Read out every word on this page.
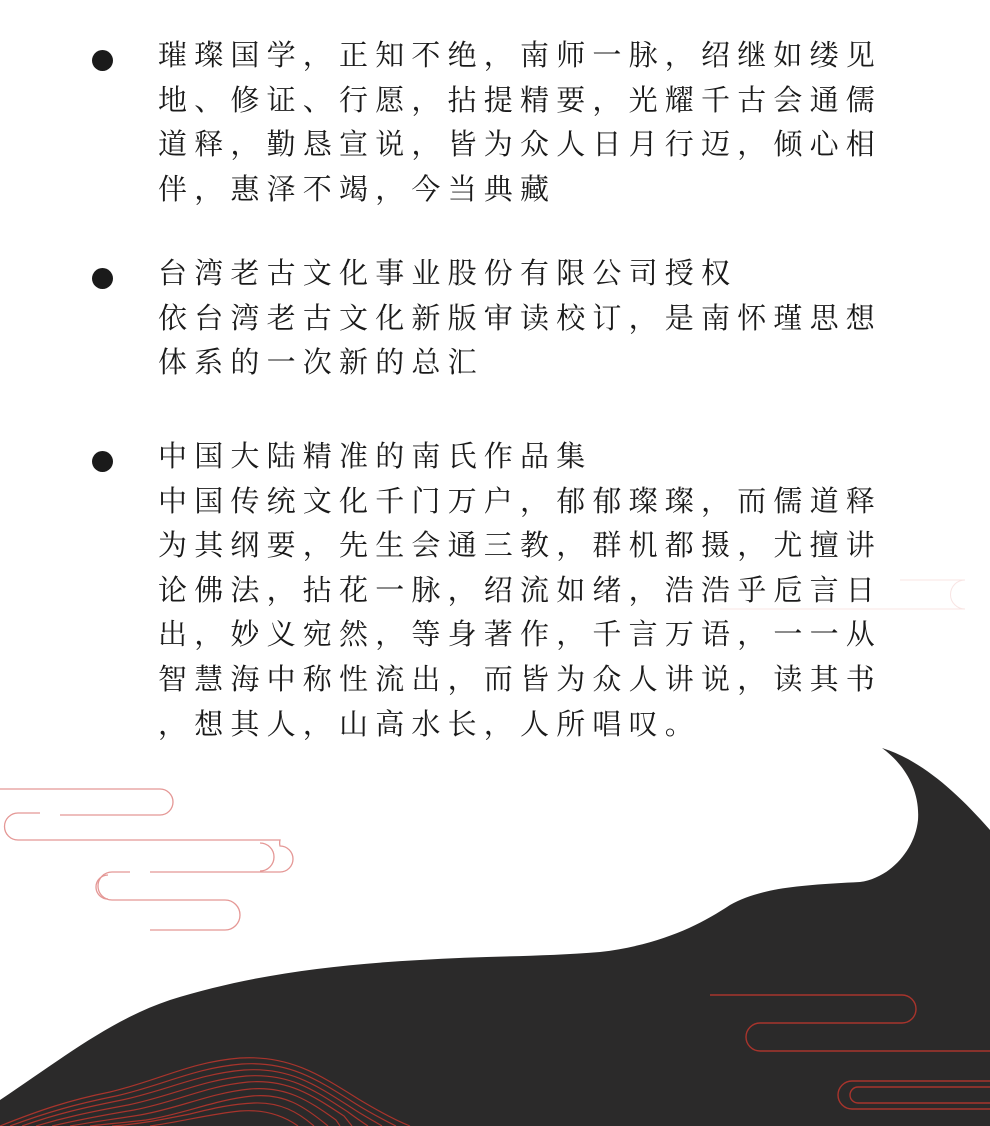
璀璨国学，正知不绝，南师一脉，绍继如缕见
地、修证、行愿，拈提精要，光耀千古会通儒
道释，勤恳宣说，皆为众人日月行迈，倾心相
伴，惠泽不竭，今当典藏
台湾老古文化事业股份有限公司授权
依台湾老古文化新版审读校订，是南怀瑾思想
体系的一次新的总汇
中国大陆精准的南氏作品集
中国传统文化千门万户，郁郁璨璨，而儒道释
为其纲要，先生会通三教，群机都摄，尤擅讲
论佛法，拈花一脉，绍流如绪，浩浩乎卮言日
出，妙义宛然，等身著作，千言万语，一一从
智慧海中称性流出，而皆为众人讲说，读其书
，想其人，山高水长，人所唱叹。
